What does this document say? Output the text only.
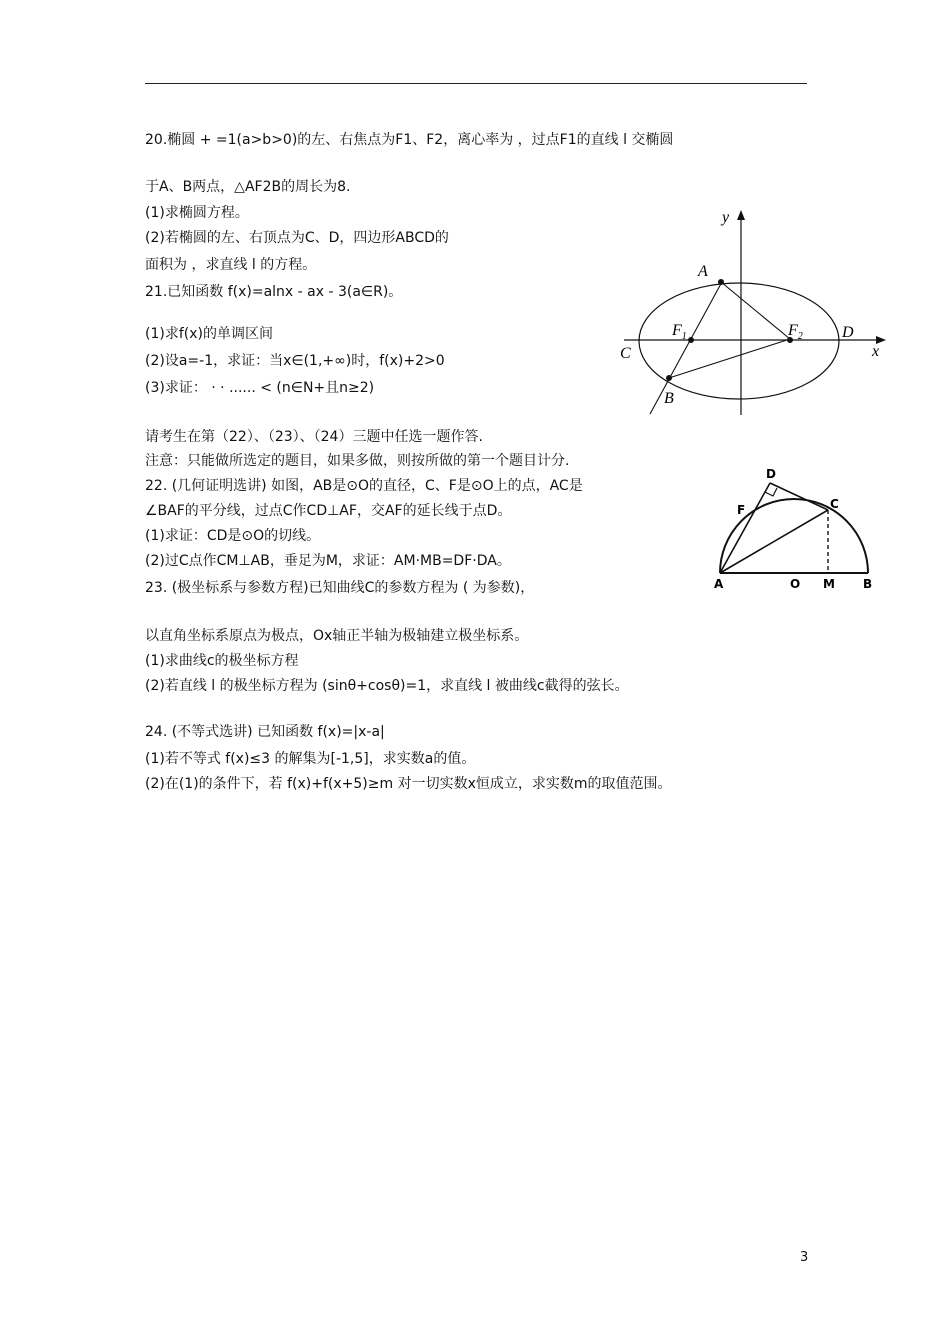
20.椭圆 + =1(a>b>0)的左、右焦点为F1、F2，离心率为 ，过点F1的直线 l 交椭圆
于A、B两点，△AF2B的周长为8.
(1)求椭圆方程。
(2)若椭圆的左、右顶点为C、D，四边形ABCD的
面积为 ，求直线 l 的方程。
21.已知函数 f(x)=alnx - ax - 3(a∈R)。
(1)求f(x)的单调区间
(2)设a=-1，求证：当x∈(1,+∞)时，f(x)+2>0
(3)求证： · · ...... < (n∈N+且n≥2)
请考生在第（22）、（23）、（24）三题中任选一题作答.
注意：只能做所选定的题目，如果多做，则按所做的第一个题目计分.
22. (几何证明选讲) 如图，AB是⊙O的直径，C、F是⊙O上的点，AC是
∠BAF的平分线，过点C作CD⊥AF，交AF的延长线于点D。
(1)求证：CD是⊙O的切线。
(2)过C点作CM⊥AB，垂足为M，求证：AM·MB=DF·DA。
23. (极坐标系与参数方程)已知曲线C的参数方程为 ( 为参数)，
以直角坐标系原点为极点，Ox轴正半轴为极轴建立极坐标系。
(1)求曲线c的极坐标方程
(2)若直线 l 的极坐标方程为 (sinθ+cosθ)=1，求直线 l 被曲线c截得的弦长。
24. (不等式选讲) 已知函数 f(x)=|x-a|
(1)若不等式 f(x)≤3 的解集为[-1,5]，求实数a的值。
(2)在(1)的条件下，若 f(x)+f(x+5)≥m 对一切实数x恒成立，求实数m的取值范围。
y
x
A
B
C
D
$F_1$	$F_2$
D
F	C
A	O M B
3
